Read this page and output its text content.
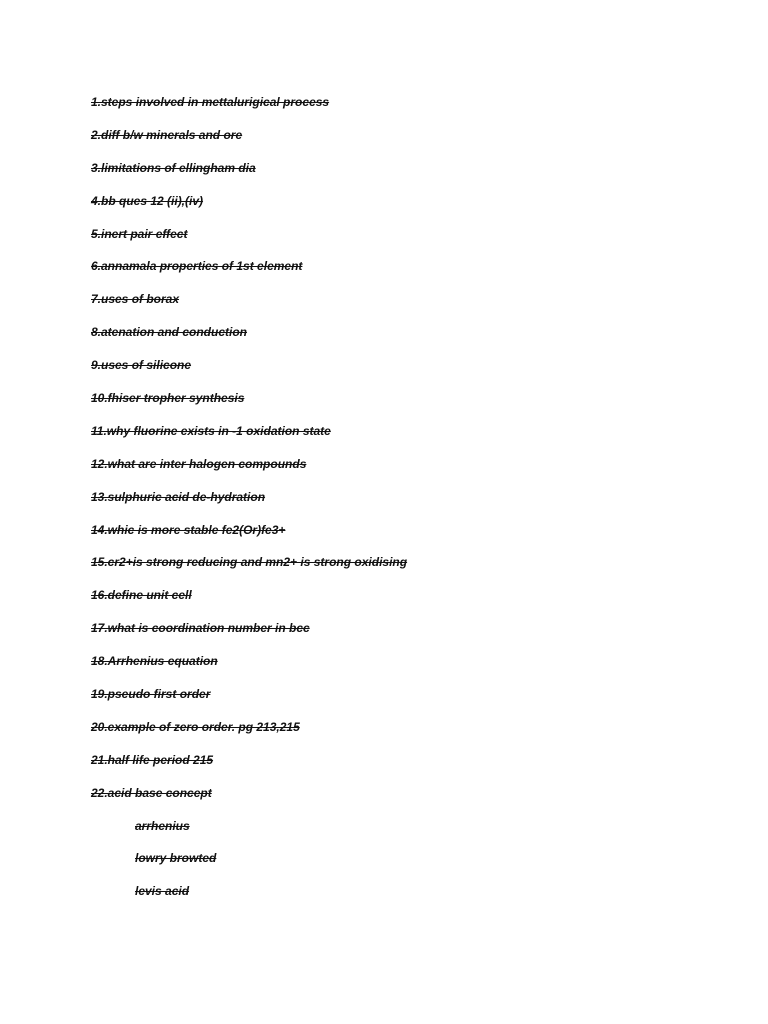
1.steps involved in mettalurigical process
2.diff b/w minerals and ore
3.limitations of ellingham dia
4.bb ques 12 (ii),(iv)
5.inert pair effect
6.annamala properties of 1st element
7.uses of borax
8.atenation and conduction
9.uses of silicone
10.fhiser tropher synthesis
11.why fluorine exists in -1 oxidation state
12.what are inter halogen compounds
13.sulphuric acid de-hydration
14.whic is more stable fe2(Or)fe3+
15.cr2+is strong reducing and mn2+ is strong oxidising
16.define unit cell
17.what is coordination number in bcc
18.Arrhenius equation
19.pseudo first order
20.example of zero order. pg 213,215
21.half life period 215
22.acid base concept
arrhenius
lowry browted
levis acid
